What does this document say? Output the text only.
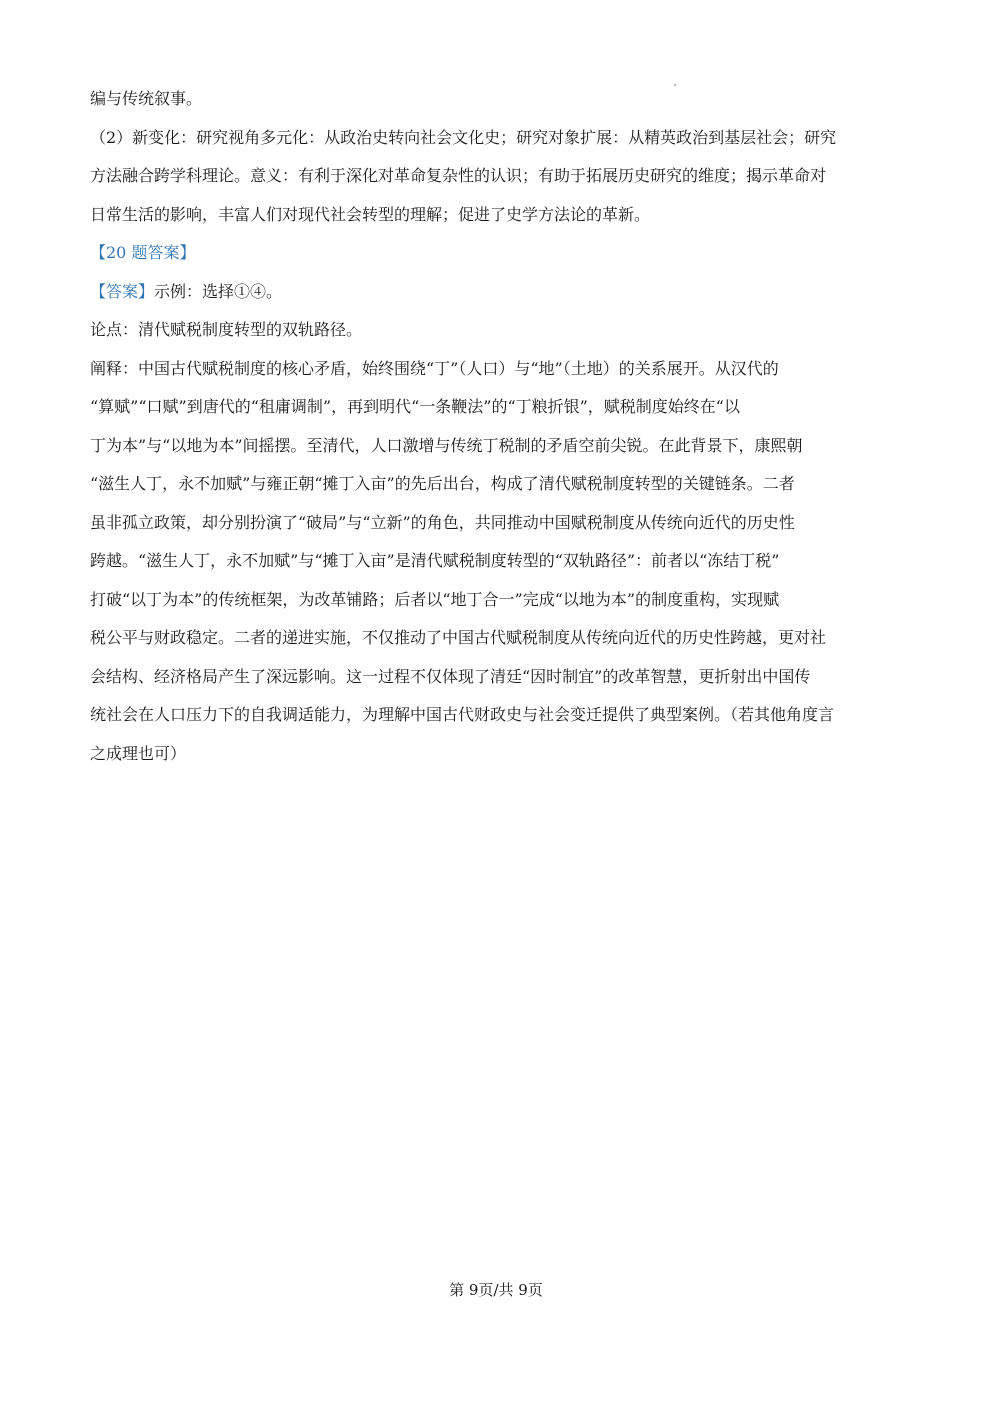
编与传统叙事。
（2）新变化：研究视角多元化：从政治史转向社会文化史；研究对象扩展：从精英政治到基层社会；研究
方法融合跨学科理论。意义：有利于深化对革命复杂性的认识；有助于拓展历史研究的维度；揭示革命对
日常生活的影响，丰富人们对现代社会转型的理解；促进了史学方法论的革新。
【20 题答案】
【答案】示例：选择①④。
论点：清代赋税制度转型的双轨路径。
阐释：中国古代赋税制度的核心矛盾，始终围绕“丁”（人口）与“地”（土地）的关系展开。从汉代的
“算赋”“口赋”到唐代的“租庸调制”，再到明代“一条鞭法”的“丁粮折银”，赋税制度始终在“以
丁为本”与“以地为本”间摇摆。至清代，人口激增与传统丁税制的矛盾空前尖锐。在此背景下，康熙朝
“滋生人丁，永不加赋”与雍正朝“摊丁入亩”的先后出台，构成了清代赋税制度转型的关键链条。二者
虽非孤立政策，却分别扮演了“破局”与“立新”的角色，共同推动中国赋税制度从传统向近代的历史性
跨越。“滋生人丁，永不加赋”与“摊丁入亩”是清代赋税制度转型的“双轨路径”：前者以“冻结丁税”
打破“以丁为本”的传统框架，为改革铺路；后者以“地丁合一”完成“以地为本”的制度重构，实现赋
税公平与财政稳定。二者的递进实施，不仅推动了中国古代赋税制度从传统向近代的历史性跨越，更对社
会结构、经济格局产生了深远影响。这一过程不仅体现了清廷“因时制宜”的改革智慧，更折射出中国传
统社会在人口压力下的自我调适能力，为理解中国古代财政史与社会变迁提供了典型案例。（若其他角度言
之成理也可）
第 9页/共 9页
